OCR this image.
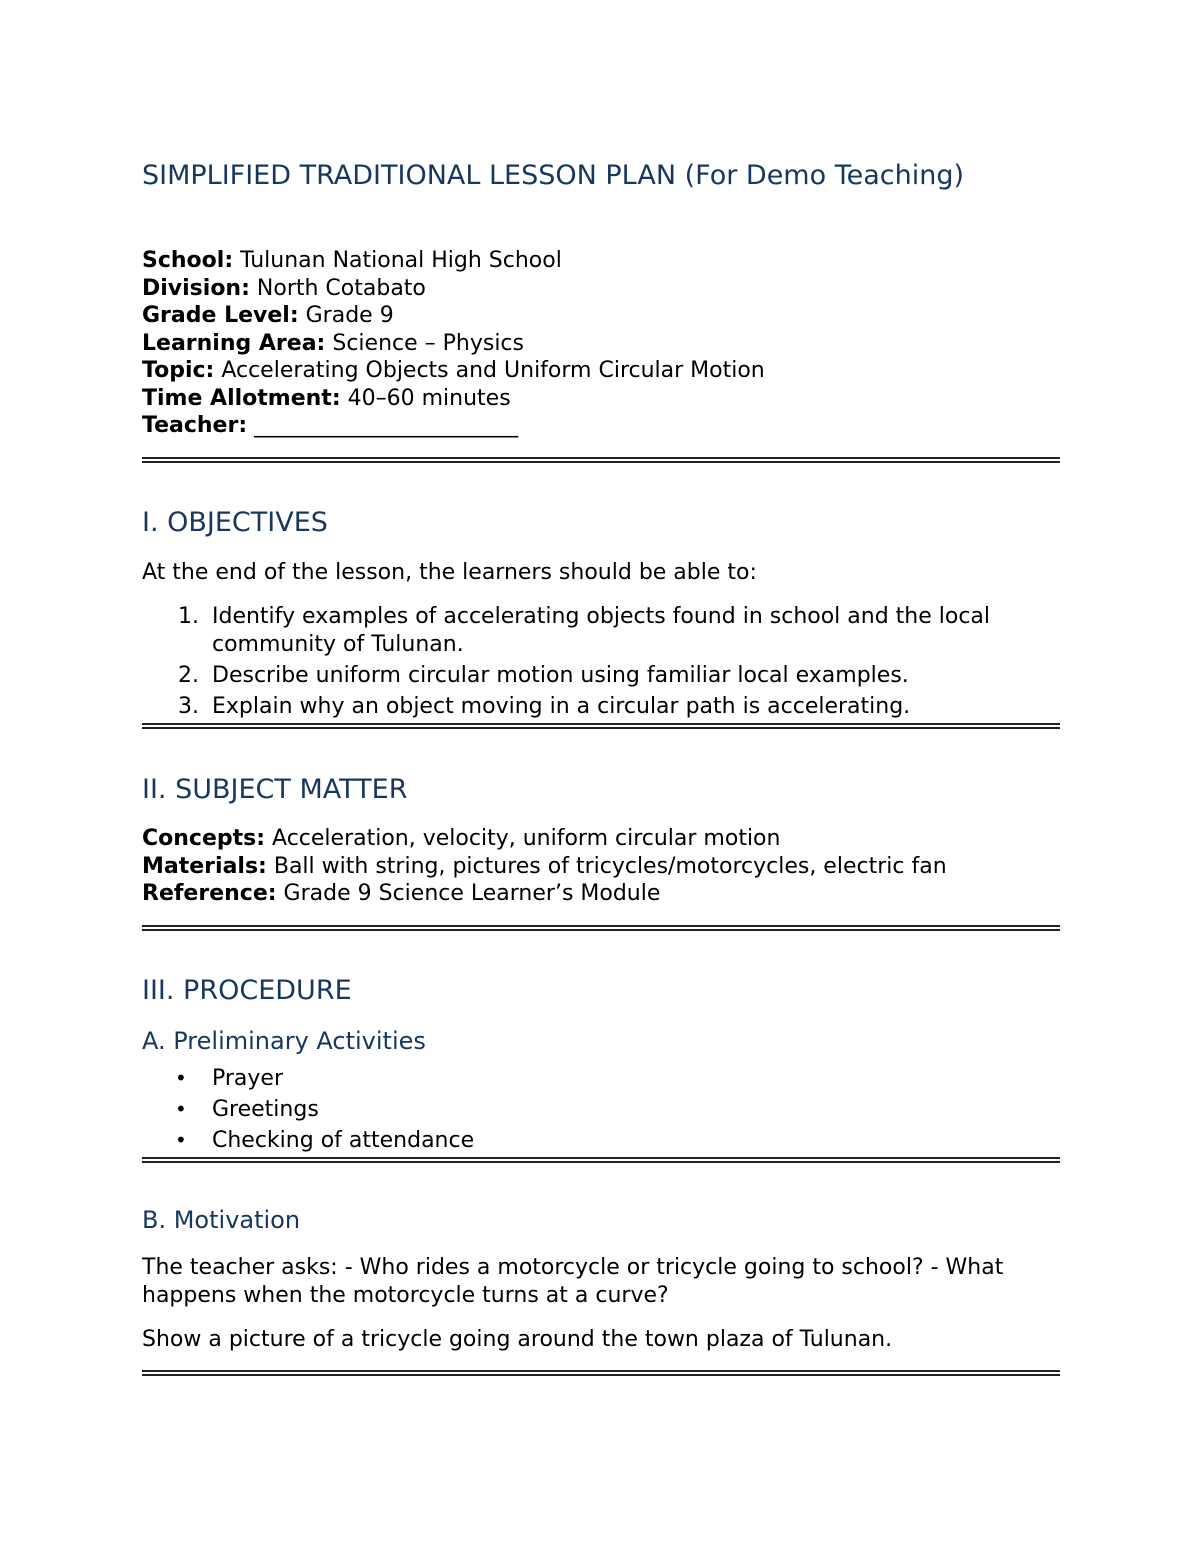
SIMPLIFIED TRADITIONAL LESSON PLAN (For Demo Teaching)
School: Tulunan National High School
Division: North Cotabato
Grade Level: Grade 9
Learning Area: Science – Physics
Topic: Accelerating Objects and Uniform Circular Motion
Time Allotment: 40–60 minutes
Teacher: ________________________
I. OBJECTIVES

At the end of the lesson, the learners should be able to:

1. Identify examples of accelerating objects found in school and the local community of Tulunan.
2. Describe uniform circular motion using familiar local examples.
3. Explain why an object moving in a circular path is accelerating.
II. SUBJECT MATTER
Concepts: Acceleration, velocity, uniform circular motion
Materials: Ball with string, pictures of tricycles/motorcycles, electric fan
Reference: Grade 9 Science Learner’s Module
III. PROCEDURE
A. Preliminary Activities
• Prayer
• Greetings
• Checking of attendance
B. Motivation

The teacher asks: - Who rides a motorcycle or tricycle going to school? - What happens when the motorcycle turns at a curve?

Show a picture of a tricycle going around the town plaza of Tulunan.
